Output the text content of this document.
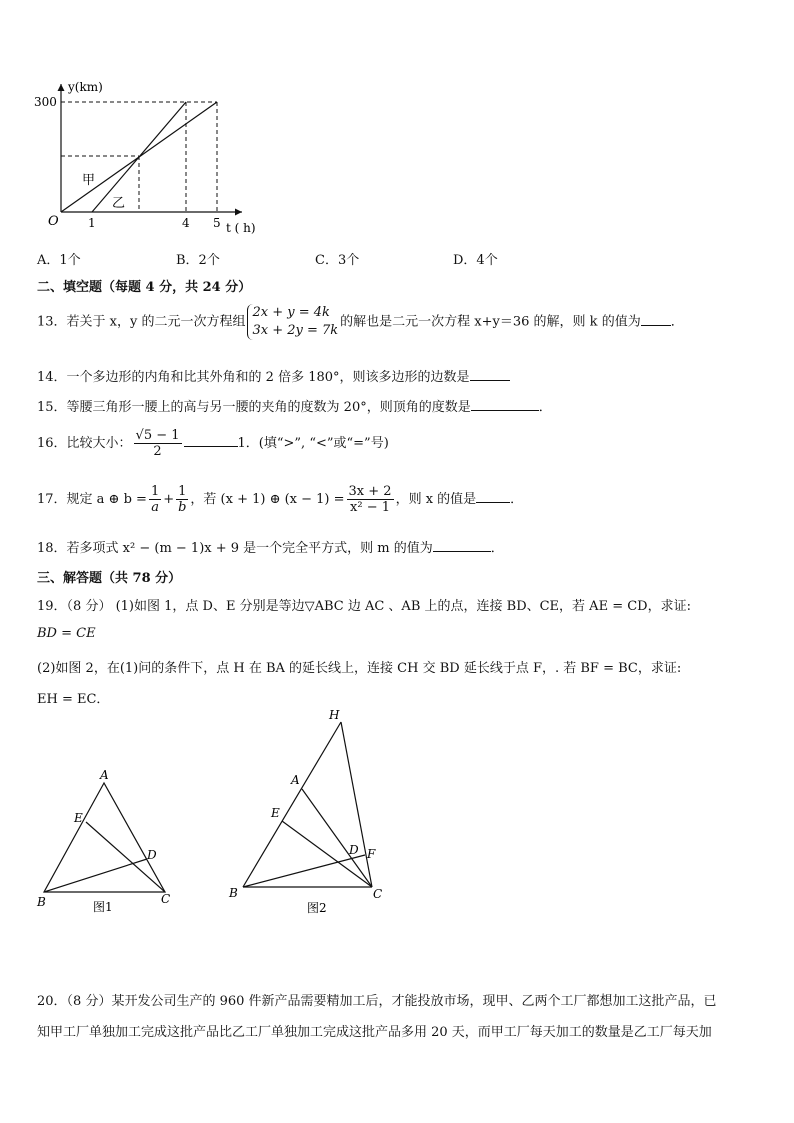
y(km)
t ( h)
O
300
1	4 5
甲
乙
A．1个	B．2个	C．3个	D．4个
二、填空题（每题 4 分，共 24 分）
13．若关于 x，y 的二元一次方程组
2x + y = 4k
3x + 2y = 7k
的解也是二元一次方程 x+y＝36 的解，则 k 的值为 ．
14．一个多边形的内角和比其外角和的 2 倍多 180°，则该多边形的边数是
15．等腰三角形一腰上的高与另一腰的夹角的度数为 20°，则顶角的度数是	．
16．比较大小： $\frac{√5 - 1}{2}$	1．(填“>”, “<”或“=”号)
17．规定 a ⊕ $b = \frac{1}{a} + \frac{1}{b}$ ，若 (x + 1) ⊕ $(x - 1) = \frac{3x + 2}{\text{x² − 1}}$ ，则 x 的值是	．
18．若多项式 x² − (m − 1)x + 9 是一个完全平方式，则 m 的值为	．
三、解答题（共 78 分）
19．（8 分） (1)如图 1，点 D、E 分别是等边▽ABC 边 AC 、AB 上的点，连接 BD、CE，若 AE = CD，求证:
BD = CE
(2)如图 2，在(1)问的条件下，点 H 在 BA 的延长线上，连接 CH 交 BD 延长线于点 F，. 若 BF = BC，求证:
EH = EC．
A
E
D
B	C
图1
H
A
E
D F
B	C
图2
20．（8 分）某开发公司生产的 960 件新产品需要精加工后，才能投放市场，现甲、乙两个工厂都想加工这批产品，已
知甲工厂单独加工完成这批产品比乙工厂单独加工完成这批产品多用 20 天，而甲工厂每天加工的数量是乙工厂每天加
